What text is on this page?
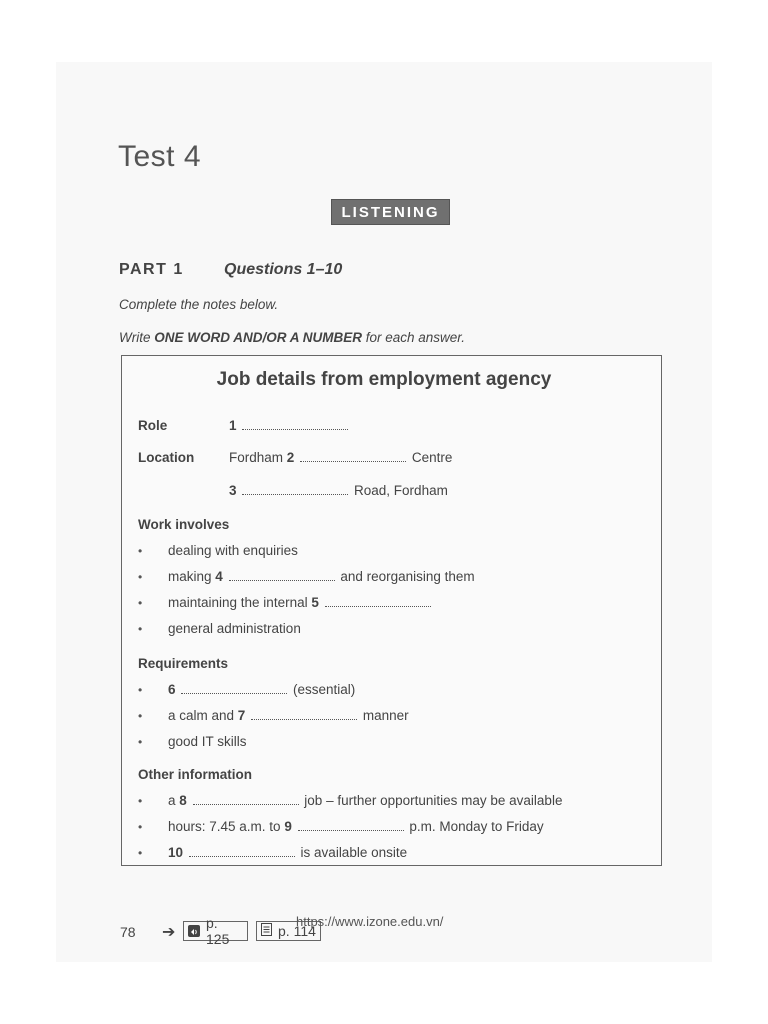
Test 4
LISTENING
PART 1	Questions 1–10
Complete the notes below.
Write ONE WORD AND/OR A NUMBER for each answer.
Job details from employment agency
Role	1
Location	Fordham 2	Centre
3	Road, Fordham
Work involves
• dealing with enquiries
• making 4	and reorganising them
• maintaining the internal 5
• general administration
Requirements
• 6	(essential)
• a calm and 7	manner
• good IT skills
Other information
• a 8	job – further opportunities may be available
• hours: 7.45 a.m. to 9	p.m. Monday to Friday
• 10	is available onsite
78 ➔
p. 125	p. 114
https://www.izone.edu.vn/
